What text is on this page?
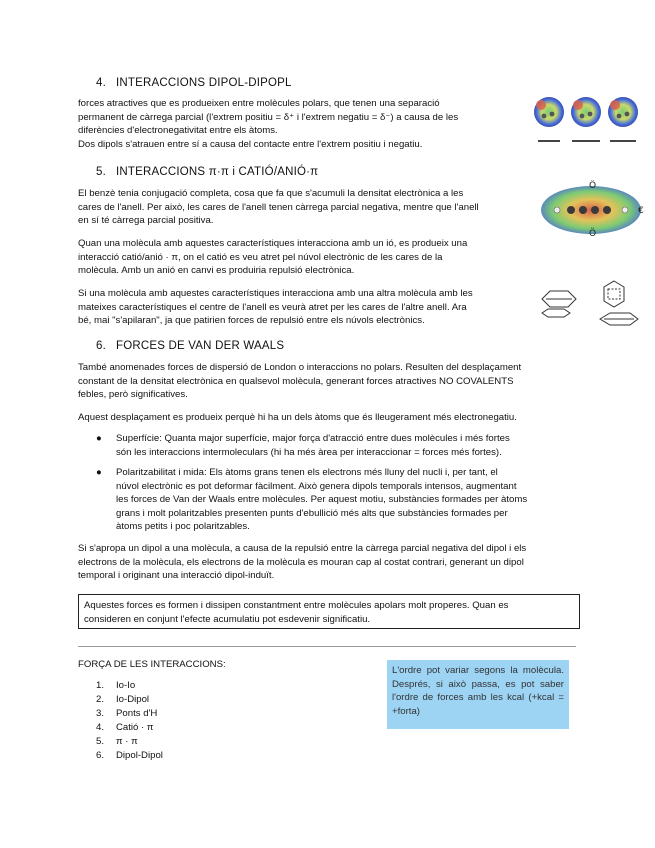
4. INTERACCIONS DIPOL-DIPOPL
forces atractives que es produeixen entre molècules polars, que tenen una separació
permanent de càrrega parcial (l'extrem positiu = δ⁺ i l'extrem negatiu = δ⁻) a causa de les
diferències d'electronegativitat entre els àtoms.
Dos dipols s'atrauen entre sí a causa del contacte entre l'extrem positiu i negatiu.
5. INTERACCIONS π·π i CATIÓ/ANIÓ·π
El benzè tenia conjugació completa, cosa que fa que s'acumuli la densitat electrònica a les
cares de l'anell. Per això, les cares de l'anell tenen càrrega parcial negativa, mentre que l'anell
en sí té càrrega parcial positiva.
Quan una molècula amb aquestes característiques interacciona amb un ió, es produeix una
interacció catió/anió · π, on el catió es veu atret pel núvol electrònic de les cares de la
molècula. Amb un anió en canvi es produiria repulsió electrònica.
Si una molècula amb aquestes característiques interacciona amb una altra molècula amb les
mateixes característiques el centre de l'anell es veurà atret per les cares de l'altre anell. Ara
bé, mai "s'apilaran", ja que patirien forces de repulsió entre els núvols electrònics.
Ö
Ö
€
6. FORCES DE VAN DER WAALS
També anomenades forces de dispersió de London o interaccions no polars. Resulten del desplaçament
constant de la densitat electrònica en qualsevol molècula, generant forces atractives NO COVALENTS
febles, però significatives.
Aquest desplaçament es produeix perquè hi ha un dels àtoms que és lleugerament més electronegatiu.
● Superfície: Quanta major superfície, major força d'atracció entre dues molècules i més fortes
són les interaccions intermoleculars (hi ha més àrea per interaccionar = forces més fortes).
● Polaritzabilitat i mida: Els àtoms grans tenen els electrons més lluny del nucli i, per tant, el
núvol electrònic es pot deformar fàcilment. Això genera dipols temporals intensos, augmentant
les forces de Van der Waals entre molècules. Per aquest motiu, substàncies formades per àtoms
grans i molt polaritzables presenten punts d'ebullició més alts que substàncies formades per
àtoms petits i poc polaritzables.
Si s'apropa un dipol a una molècula, a causa de la repulsió entre la càrrega parcial negativa del dipol i els
electrons de la molècula, els electrons de la molècula es mouran cap al costat contrari, generant un dipol
temporal i originant una interacció dipol-induït.
Aquestes forces es formen i dissipen constantment entre molècules apolars molt properes. Quan es
consideren en conjunt l'efecte acumulatiu pot esdevenir significatiu.
FORÇA DE LES INTERACCIONS:
1. Io-Io
2. Io-Dipol
3. Ponts d'H
4. Catió · π
5. π · π
6. Dipol-Dipol
L'ordre pot variar segons la molècula. Després, si això passa, es pot saber l'ordre de forces amb les kcal (+kcal = +forta)
